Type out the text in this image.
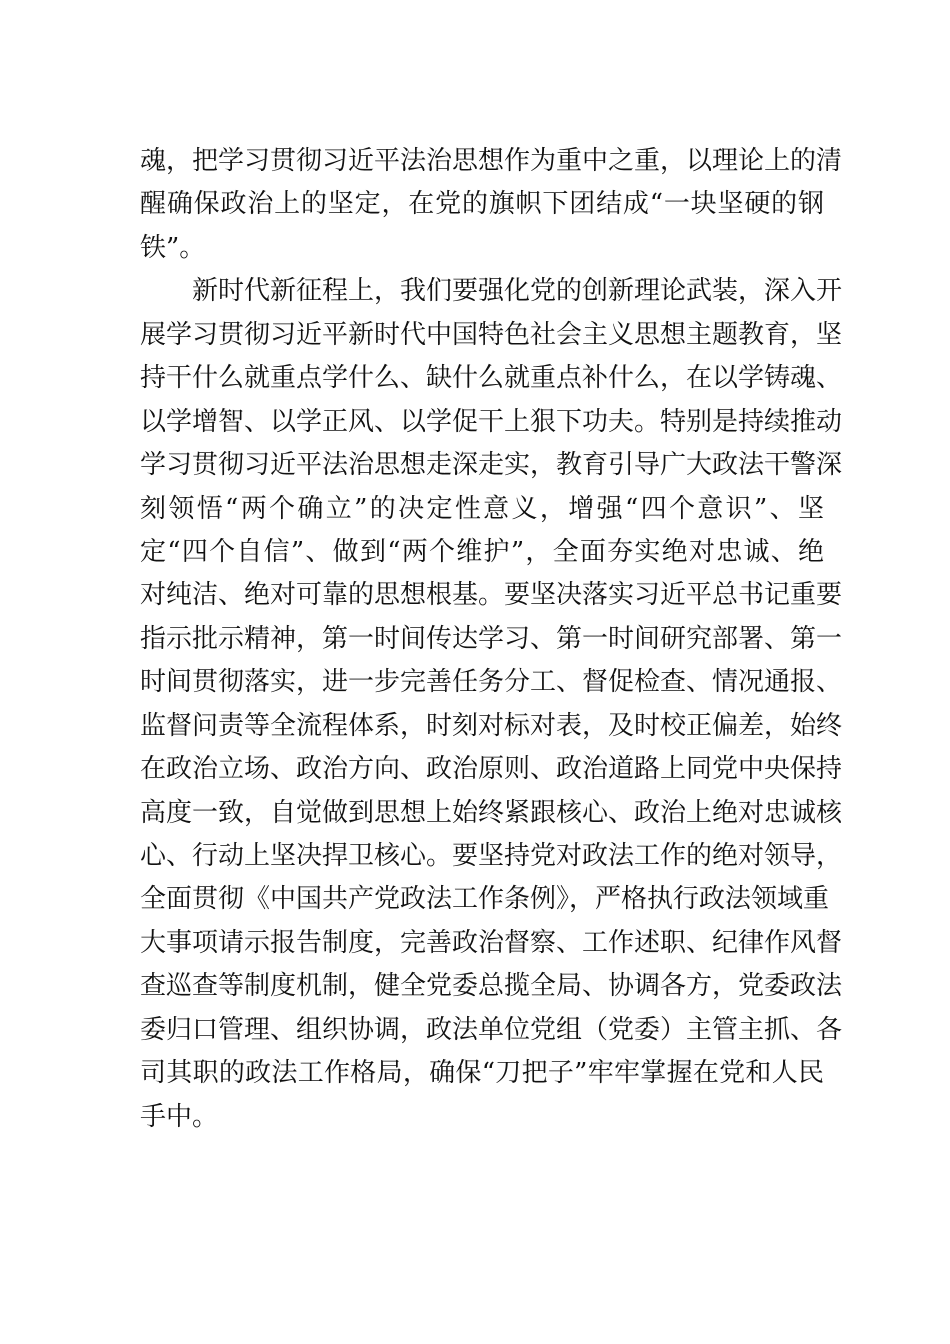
魂，把学习贯彻习近平法治思想作为重中之重，以理论上的清
醒确保政治上的坚定，在党的旗帜下团结成“一块坚硬的钢
铁”。
新时代新征程上，我们要强化党的创新理论武装，深入开
展学习贯彻习近平新时代中国特色社会主义思想主题教育，坚
持干什么就重点学什么、缺什么就重点补什么，在以学铸魂、
以学增智、以学正风、以学促干上狠下功夫。特别是持续推动
学习贯彻习近平法治思想走深走实，教育引导广大政法干警深
刻领悟“两个确立”的决定性意义，增强“四个意识”、坚
定“四个自信”、做到“两个维护”，全面夯实绝对忠诚、绝
对纯洁、绝对可靠的思想根基。要坚决落实习近平总书记重要
指示批示精神，第一时间传达学习、第一时间研究部署、第一
时间贯彻落实，进一步完善任务分工、督促检查、情况通报、
监督问责等全流程体系，时刻对标对表，及时校正偏差，始终
在政治立场、政治方向、政治原则、政治道路上同党中央保持
高度一致，自觉做到思想上始终紧跟核心、政治上绝对忠诚核
心、行动上坚决捍卫核心。要坚持党对政法工作的绝对领导，
全面贯彻《中国共产党政法工作条例》，严格执行政法领域重
大事项请示报告制度，完善政治督察、工作述职、纪律作风督
查巡查等制度机制，健全党委总揽全局、协调各方，党委政法
委归口管理、组织协调，政法单位党组（党委）主管主抓、各
司其职的政法工作格局，确保“刀把子”牢牢掌握在党和人民
手中。
